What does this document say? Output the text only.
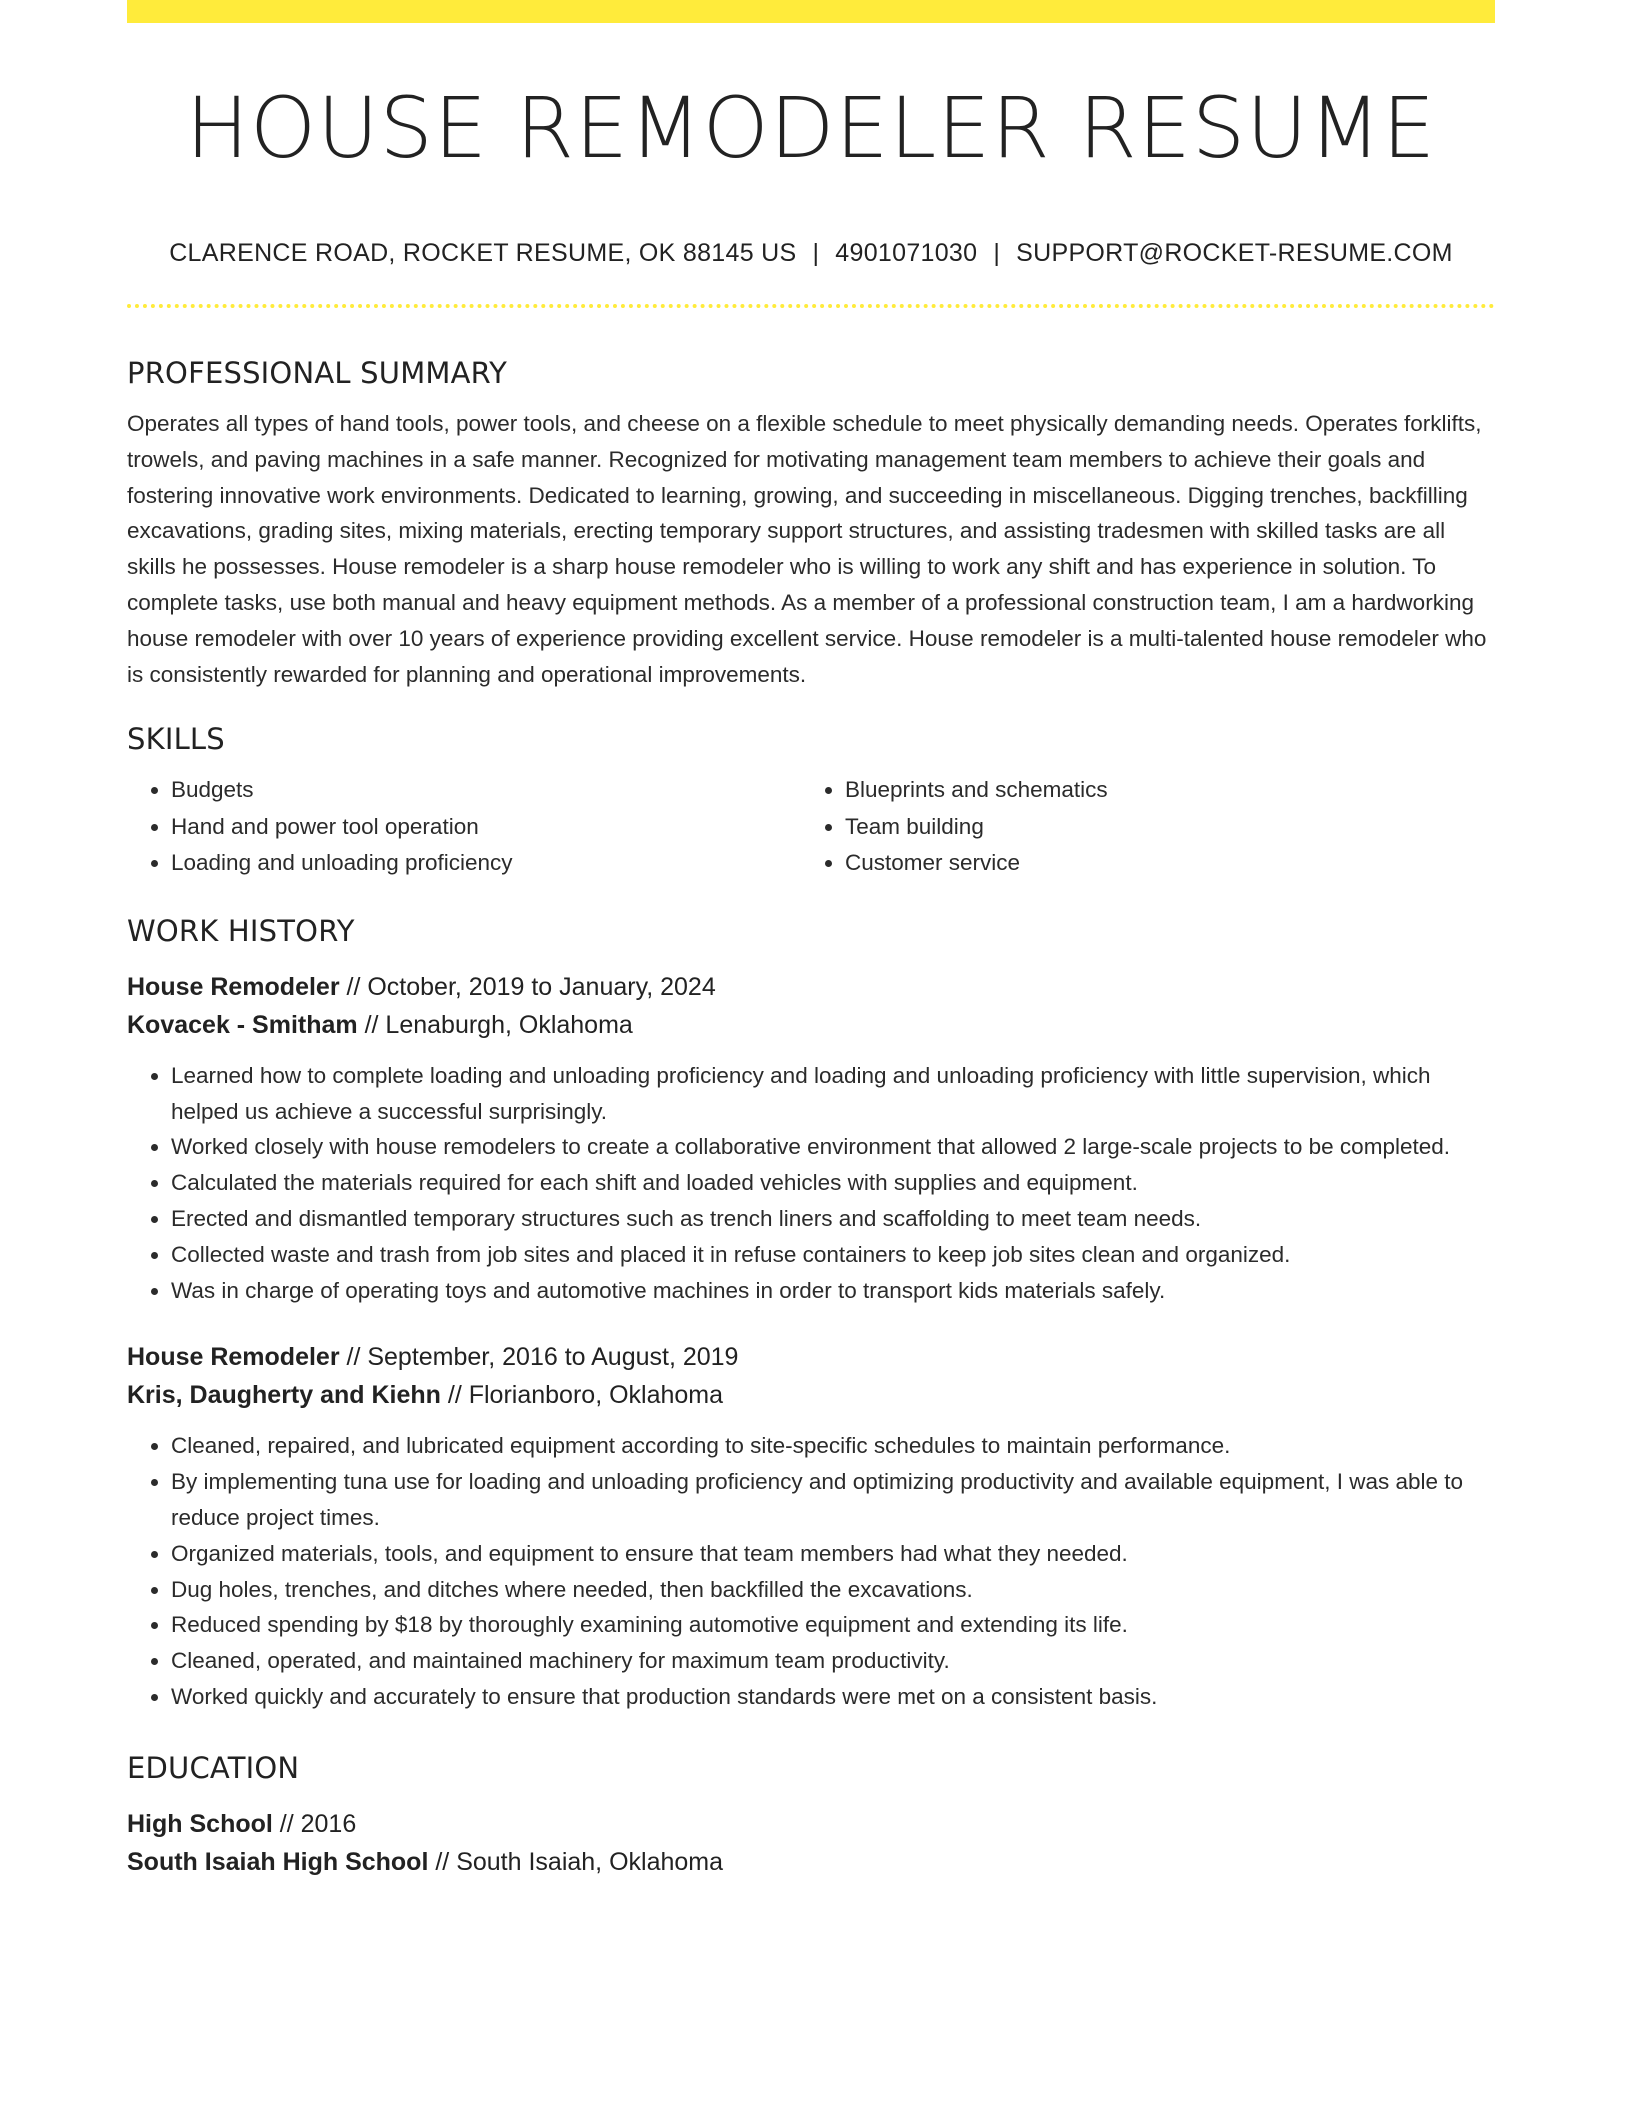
HOUSE REMODELER RESUME
CLARENCE ROAD, ROCKET RESUME, OK 88145 US | 4901071030 | SUPPORT@ROCKET-RESUME.COM
PROFESSIONAL SUMMARY

Operates all types of hand tools, power tools, and cheese on a flexible schedule to meet physically demanding needs. Operates forklifts, trowels, and paving machines in a safe manner. Recognized for motivating management team members to achieve their goals and fostering innovative work environments. Dedicated to learning, growing, and succeeding in miscellaneous. Digging trenches, backfilling excavations, grading sites, mixing materials, erecting temporary support structures, and assisting tradesmen with skilled tasks are all skills he possesses. House remodeler is a sharp house remodeler who is willing to work any shift and has experience in solution. To complete tasks, use both manual and heavy equipment methods. As a member of a professional construction team, I am a hardworking house remodeler with over 10 years of experience providing excellent service. House remodeler is a multi-talented house remodeler who is consistently rewarded for planning and operational improvements.

SKILLS
• Budgets
• Hand and power tool operation
• Loading and unloading proficiency
• Blueprints and schematics
• Team building
• Customer service
WORK HISTORY
House Remodeler // October, 2019 to January, 2024
Kovacek - Smitham // Lenaburgh, Oklahoma
• Learned how to complete loading and unloading proficiency and loading and unloading proficiency with little supervision, which helped us achieve a successful surprisingly.
• Worked closely with house remodelers to create a collaborative environment that allowed 2 large-scale projects to be completed.
• Calculated the materials required for each shift and loaded vehicles with supplies and equipment.
• Erected and dismantled temporary structures such as trench liners and scaffolding to meet team needs.
• Collected waste and trash from job sites and placed it in refuse containers to keep job sites clean and organized.
• Was in charge of operating toys and automotive machines in order to transport kids materials safely.
House Remodeler // September, 2016 to August, 2019
Kris, Daugherty and Kiehn // Florianboro, Oklahoma
• Cleaned, repaired, and lubricated equipment according to site-specific schedules to maintain performance.
• By implementing tuna use for loading and unloading proficiency and optimizing productivity and available equipment, I was able to reduce project times.
• Organized materials, tools, and equipment to ensure that team members had what they needed.
• Dug holes, trenches, and ditches where needed, then backfilled the excavations.
• Reduced spending by $18 by thoroughly examining automotive equipment and extending its life.
• Cleaned, operated, and maintained machinery for maximum team productivity.
• Worked quickly and accurately to ensure that production standards were met on a consistent basis.
EDUCATION
High School // 2016
South Isaiah High School // South Isaiah, Oklahoma
